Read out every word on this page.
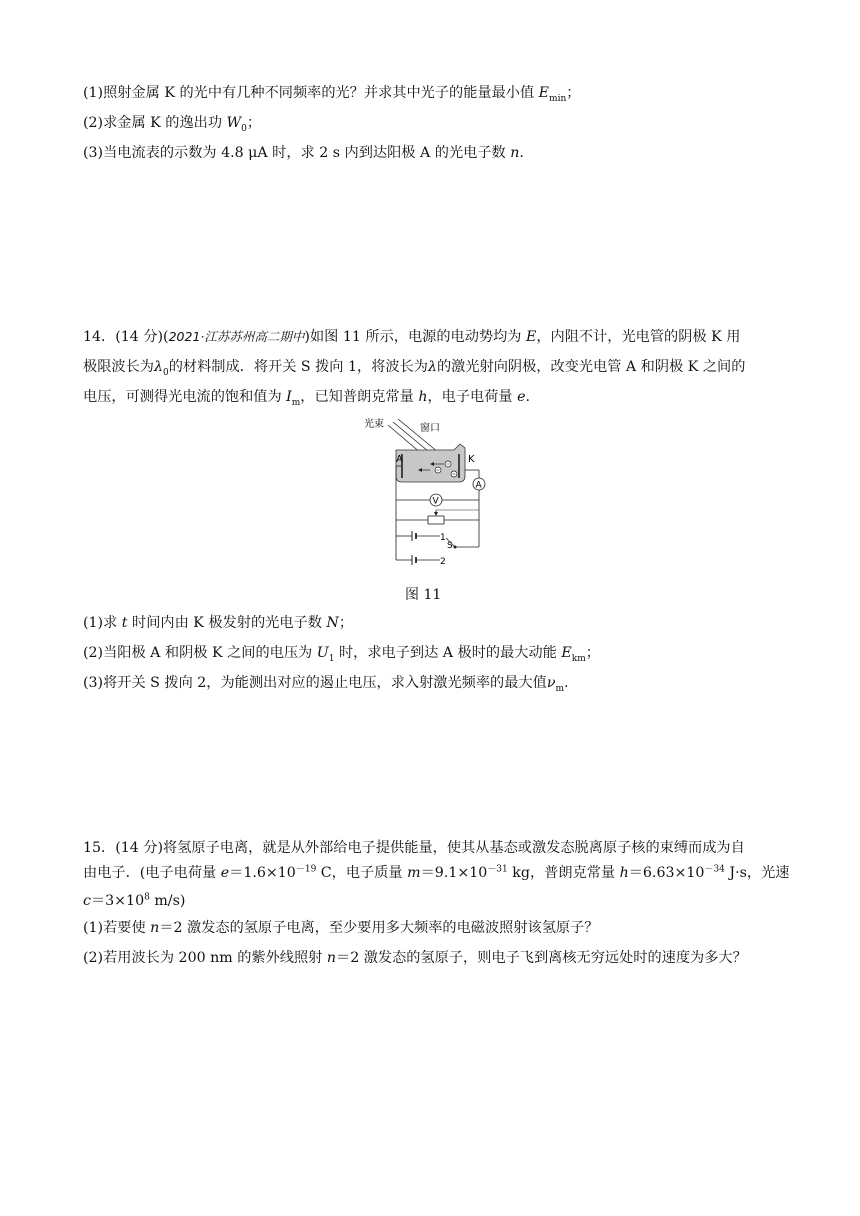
(1)照射金属 K 的光中有几种不同频率的光？并求其中光子的能量最小值 $E_{min}$；
(2)求金属 K 的逸出功 $W_0$；
(3)当电流表的示数为 4.8 μA 时，求 2 s 内到达阳极 A 的光电子数 n.
14．(14 分)(2021·江苏苏州高二期中)如图 11 所示，电源的电动势均为 E，内阻不计，光电管的阴极 K 用
极限波长为$\lambda_0$的材料制成．将开关 S 拨向 1，将波长为λ的激光射向阴极，改变光电管 A 和阴极 K 之间的
电压，可测得光电流的饱和值为 $I_m$，已知普朗克常量 h，电子电荷量 e.
光束	窗口
A	K
A
V
1
S
2
图 11
(1)求 t 时间内由 K 极发射的光电子数 N；
(2)当阳极 A 和阴极 K 之间的电压为 $U_1$ 时，求电子到达 A 极时的最大动能 $E_{km}$；
(3)将开关 S 拨向 2，为能测出对应的遏止电压，求入射激光频率的最大值$\nu_m$.
15．(14 分)将氢原子电离，就是从外部给电子提供能量，使其从基态或激发态脱离原子核的束缚而成为自
由电子．(电子电荷量 $e=1.6\times 10^{-19}$ C，电子质量 $m=9.1\times 10^{-31}$ kg，普朗克常量 $h=6.63\times 10^{-34}$ J·s，光速
$c=3\times 10^8$ m/s)
(1)若要使 n＝2 激发态的氢原子电离，至少要用多大频率的电磁波照射该氢原子？
(2)若用波长为 200 nm 的紫外线照射 n＝2 激发态的氢原子，则电子飞到离核无穷远处时的速度为多大？
